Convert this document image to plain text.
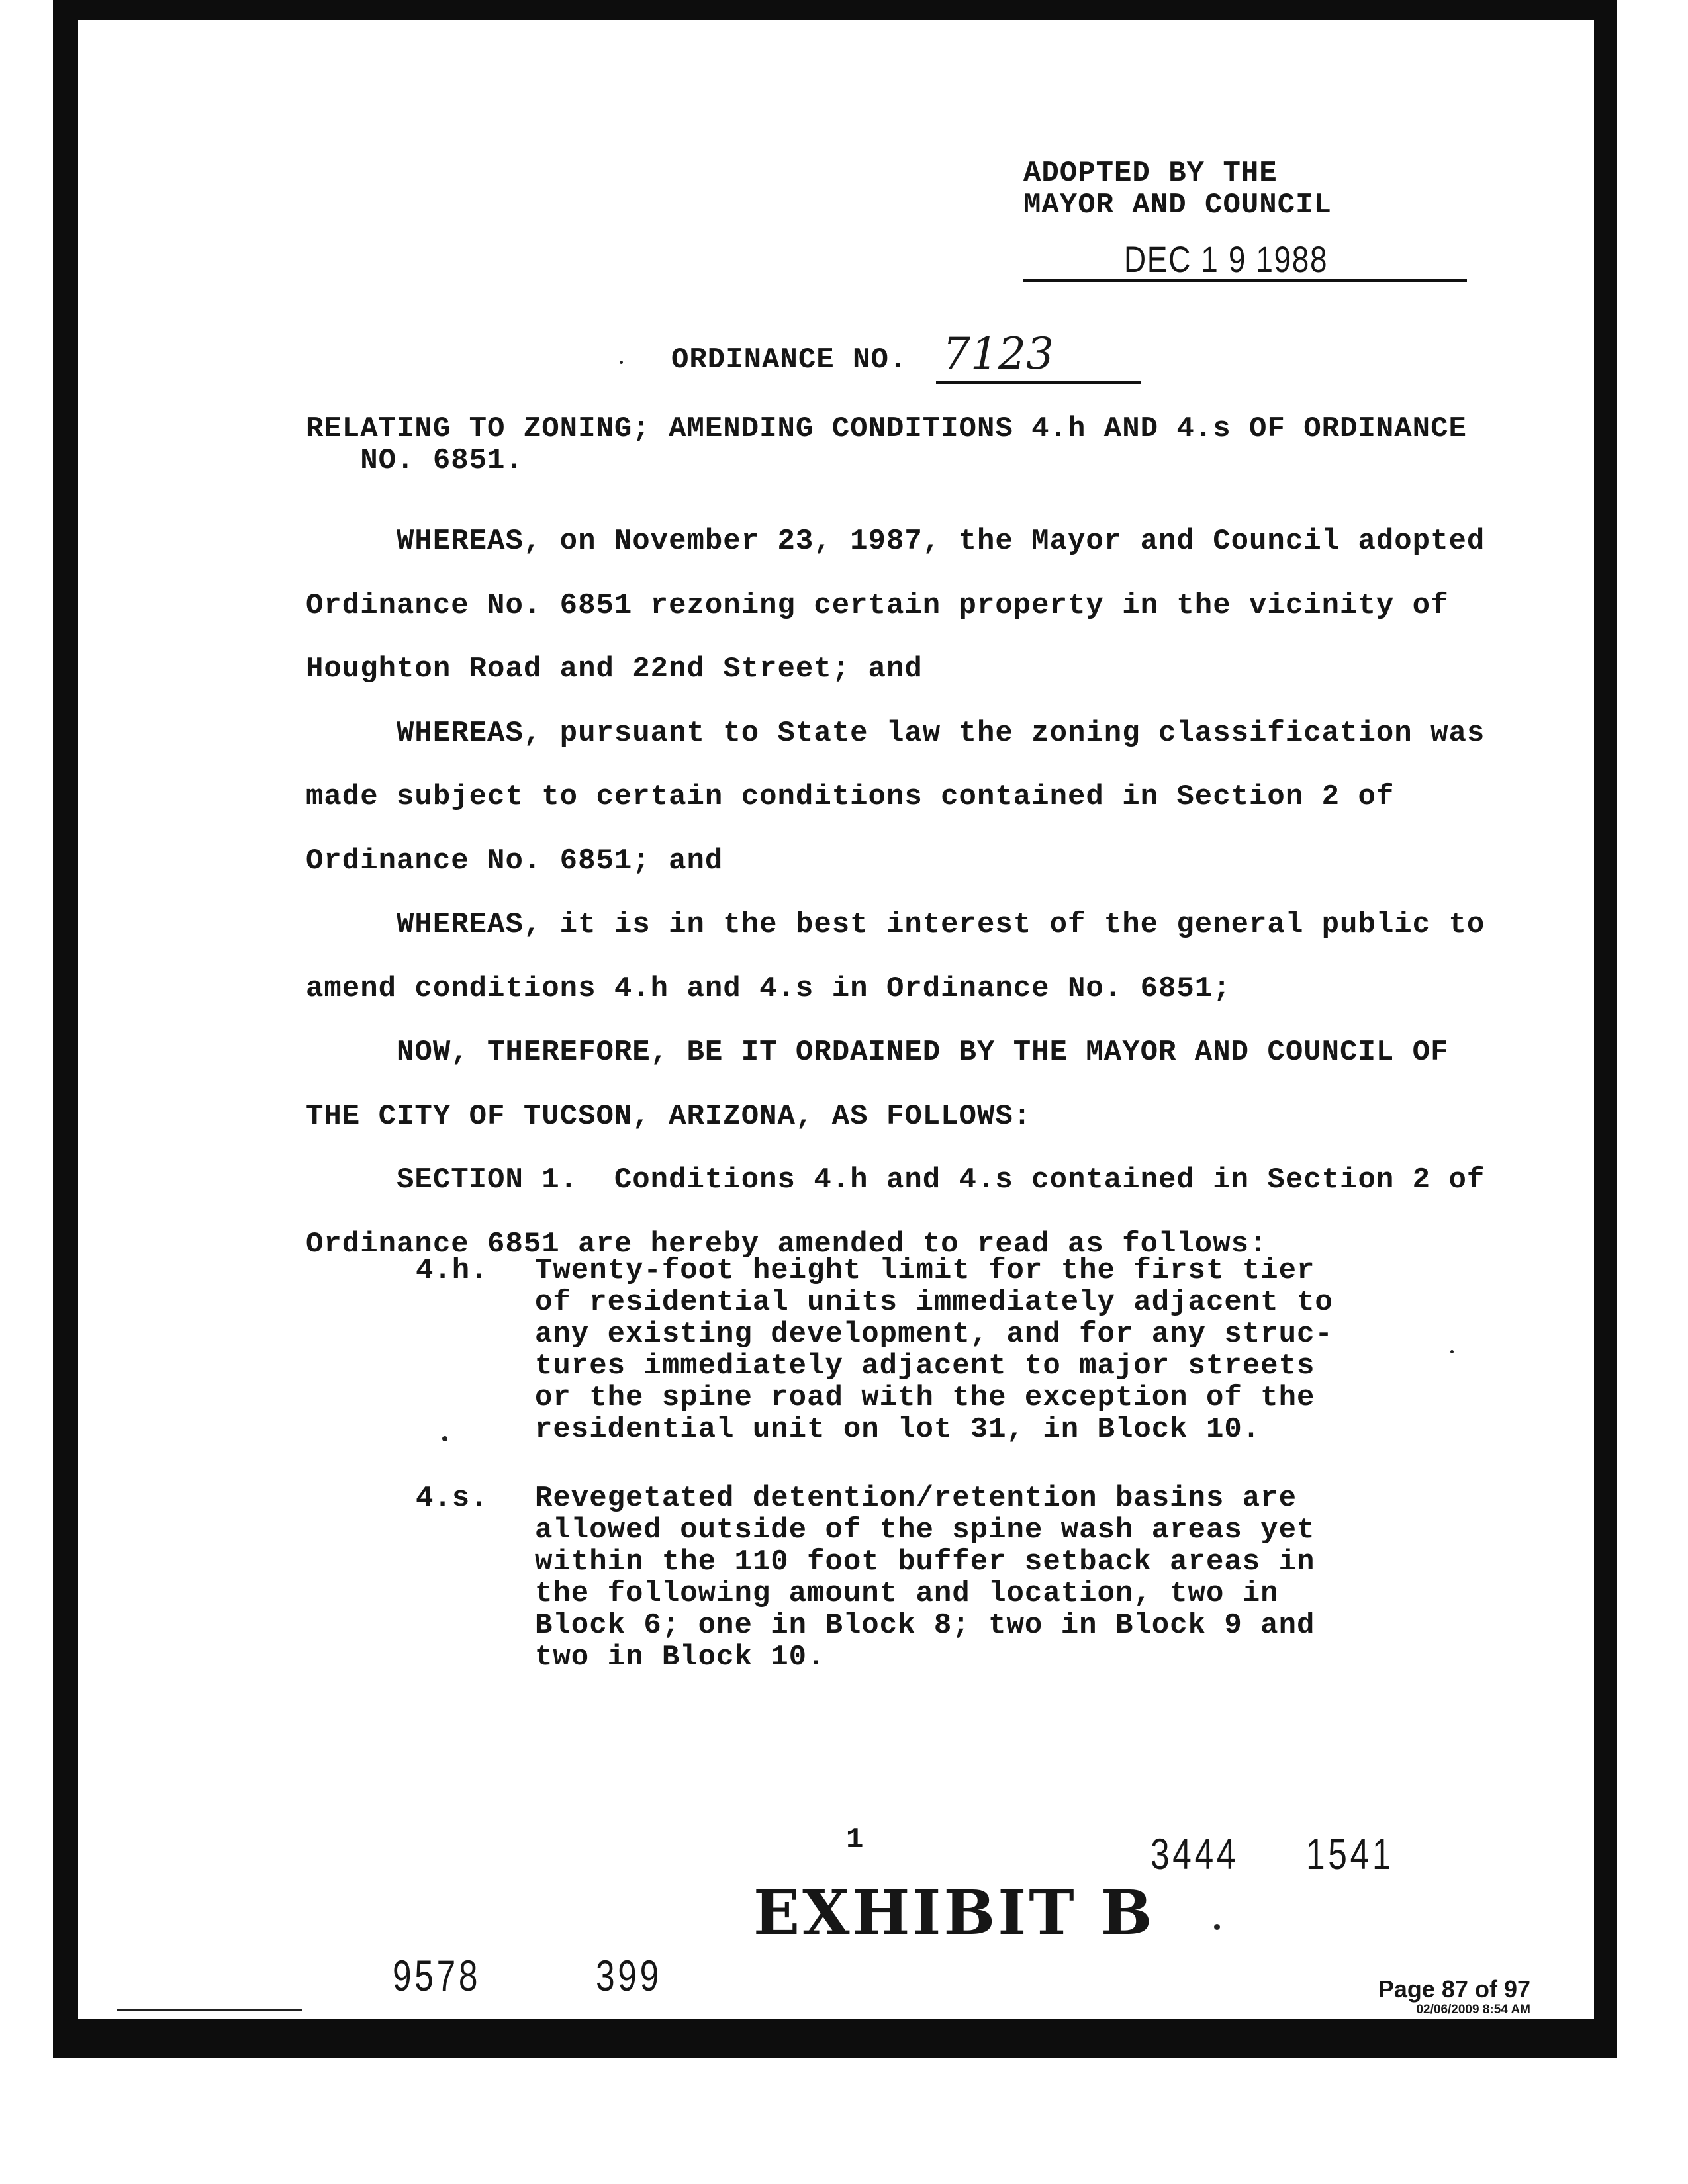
ADOPTED BY THE
MAYOR AND COUNCIL
DEC 1 9 1988
ORDINANCE NO. 7123
RELATING TO ZONING; AMENDING CONDITIONS 4.h AND 4.s OF ORDINANCE
NO. 6851.
WHEREAS, on November 23, 1987, the Mayor and Council adopted
Ordinance No. 6851 rezoning certain property in the vicinity of
Houghton Road and 22nd Street; and
WHEREAS, pursuant to State law the zoning classification was
made subject to certain conditions contained in Section 2 of
Ordinance No. 6851; and
WHEREAS, it is in the best interest of the general public to
amend conditions 4.h and 4.s in Ordinance No. 6851;
NOW, THEREFORE, BE IT ORDAINED BY THE MAYOR AND COUNCIL OF
THE CITY OF TUCSON, ARIZONA, AS FOLLOWS:
SECTION 1.  Conditions 4.h and 4.s contained in Section 2 of
Ordinance 6851 are hereby amended to read as follows:
4.h. Twenty-foot height limit for the first tier
of residential units immediately adjacent to
any existing development, and for any struc-
tures immediately adjacent to major streets
or the spine road with the exception of the
residential unit on lot 31, in Block 10.
4.s. Revegetated detention/retention basins are
allowed outside of the spine wash areas yet
within the 110 foot buffer setback areas in
the following amount and location, two in
Block 6; one in Block 8; two in Block 9 and
two in Block 10.
1	3444 1541
EXHIBIT B
9578	399	Page 87 of 97
02/06/2009 8:54 AM
